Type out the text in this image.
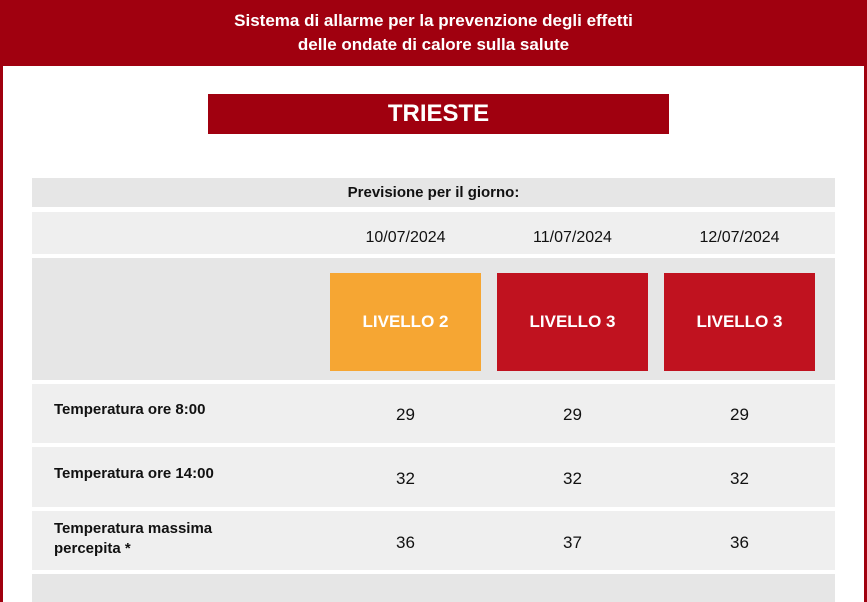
Sistema di allarme per la prevenzione degli effetti
delle ondate di calore sulla salute
TRIESTE
Previsione per il giorno:
10/07/2024	11/07/2024	12/07/2024
LIVELLO 2	LIVELLO 3	LIVELLO 3
Temperatura ore 8:00	29	29	29
Temperatura ore 14:00	32	32	32
Temperatura massima
percepita *	36	37	36
